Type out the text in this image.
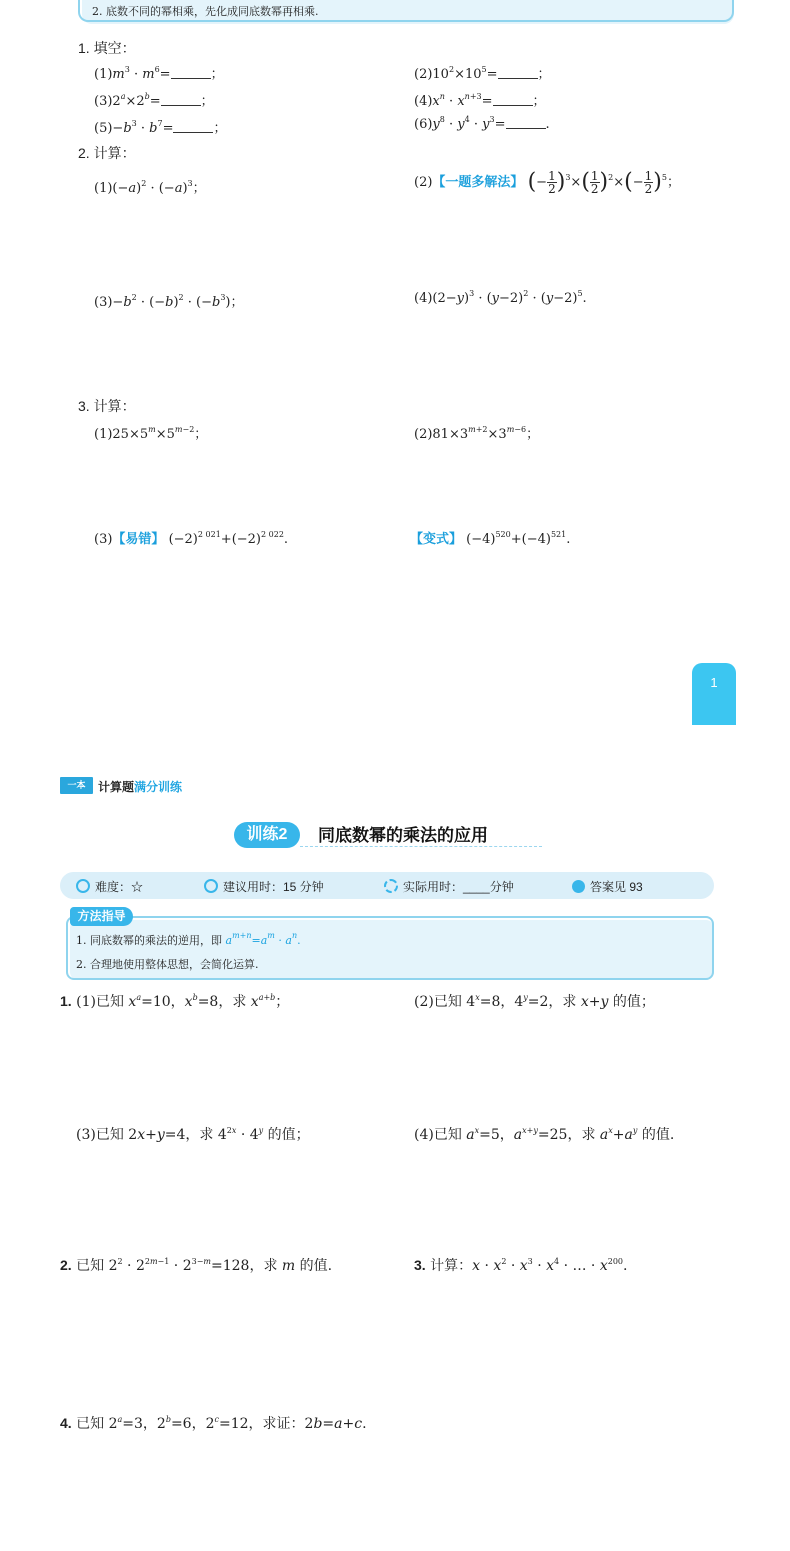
2. 底数不同的幂相乘，先化成同底数幂再相乘.
1. 填空：
$(1)m^3 \cdot m^6=$	；	$(2)10^2\times 10^5=$	；
$(3)2^a\times 2^b=$	；	$(4)x^n \cdot x^{n+3}=$	；
$(5)-b^3 \cdot b^7=$	；	$(6)y^8 \cdot y^4 \cdot y^3=$	.
2. 计算：
$(1)(-a)^2 \cdot (-a)^3$；	(2)【一题多解法】 (− $\frac{1}{2} )^3\times( \frac{1}{2} )^2\times(- \frac{1}{2} )^5$；
$(3)-b^2 \cdot (-b)^2 \cdot (-b^3)$；	$(4)(2-y)^3 \cdot (y-2)^2 \cdot (y-2)^5$.
3. 计算：
$(1)25\times 5^m\times 5^{m-2}$；	$(2)81\times 3^{m+2}\times 3^{m-6}$；
(3)【易错】 $(-2)^{2 021}+(-2)^{2 022}$.	【变式】 $(-4)^{520}+(-4)^{521}$.
1
一本	计算题满分训练
训练2	同底数幂的乘法的应用
难度：☆	建议用时：15 分钟	实际用时：____分钟	答案见 93
方法指导
1. 同底数幂的乘法的逆用，即 $a^{m+n}=a^m \cdot a^n$.
2. 合理地使用整体思想，会简化运算.
1. (1)已知 $x^a=10$，$x^b=8$，求 $x^{a+b}$；	(2)已知 $4^x=8$，$4^y=2$，求 x+y 的值；
(3)已知 2x+y=4，求 $4^{2x} \cdot 4^y$ 的值；	(4)已知 $a^x=5$，$a^{x+y}=25$，求 $a^x+a^y$ 的值.
2. 已知 $2^2 \cdot 2^{2m-1} \cdot 2^{3-m}=128$，求 m 的值.	3. 计算：$x \cdot x^2 \cdot x^3 \cdot x^4$ · … · $x^{200}$.
4. 已知 $2^a=3$，$2^b=6$，$2^c=12$，求证：2b=a+c.
